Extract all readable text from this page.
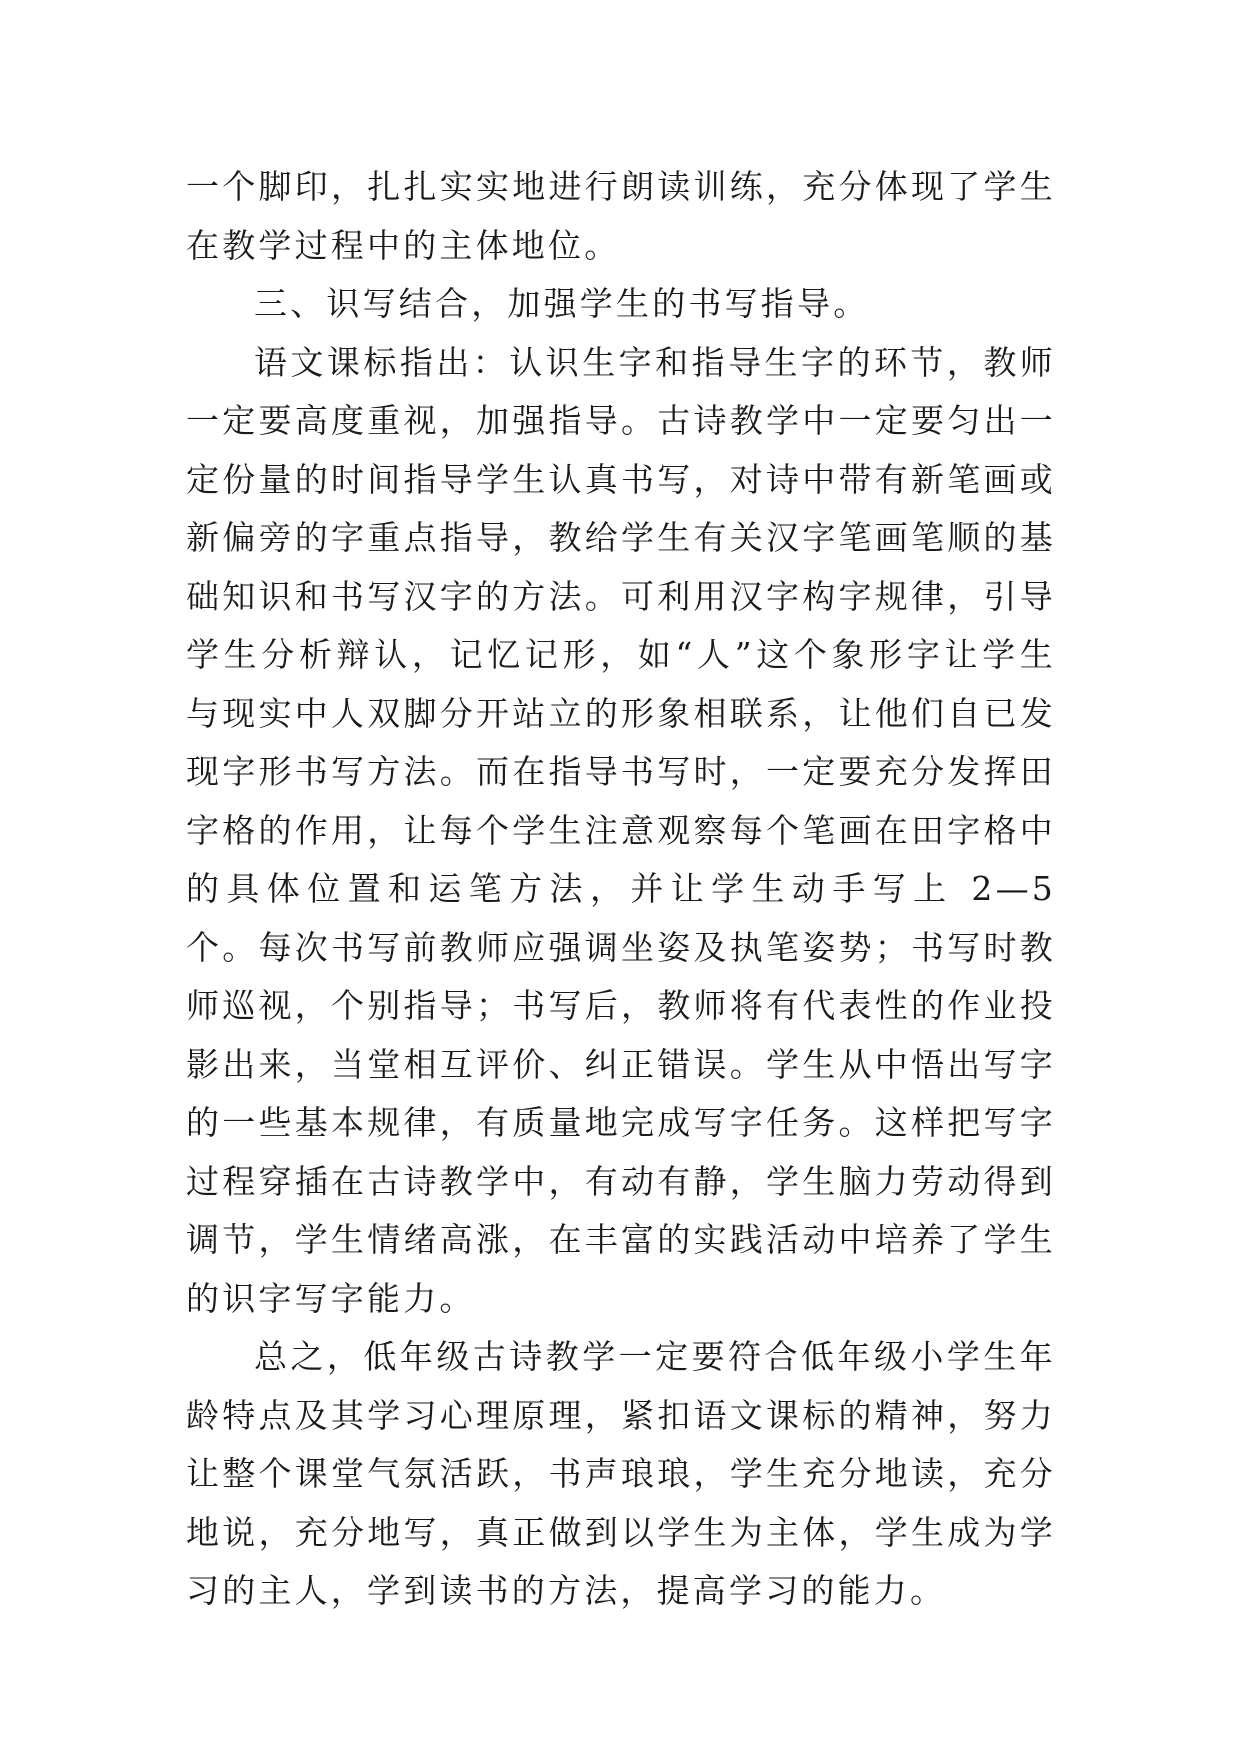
一个脚印，扎扎实实地进行朗读训练，充分体现了学生在教学过程中的主体地位。

三、识写结合，加强学生的书写指导。

语文课标指出：认识生字和指导生字的环节，教师一定要高度重视，加强指导。古诗教学中一定要匀出一定份量的时间指导学生认真书写，对诗中带有新笔画或新偏旁的字重点指导，教给学生有关汉字笔画笔顺的基础知识和书写汉字的方法。可利用汉字构字规律，引导学生分析辩认，记忆记形，如“人”这个象形字让学生与现实中人双脚分开站立的形象相联系，让他们自已发现字形书写方法。而在指导书写时，一定要充分发挥田字格的作用，让每个学生注意观察每个笔画在田字格中的具体位置和运笔方法，并让学生动手写上 2—5 个。每次书写前教师应强调坐姿及执笔姿势；书写时教师巡视，个别指导；书写后，教师将有代表性的作业投影出来，当堂相互评价、纠正错误。学生从中悟出写字的一些基本规律，有质量地完成写字任务。这样把写字过程穿插在古诗教学中，有动有静，学生脑力劳动得到调节，学生情绪高涨，在丰富的实践活动中培养了学生的识字写字能力。

总之，低年级古诗教学一定要符合低年级小学生年龄特点及其学习心理原理，紧扣语文课标的精神，努力让整个课堂气氛活跃，书声琅琅，学生充分地读，充分地说，充分地写，真正做到以学生为主体，学生成为学习的主人，学到读书的方法，提高学习的能力。
